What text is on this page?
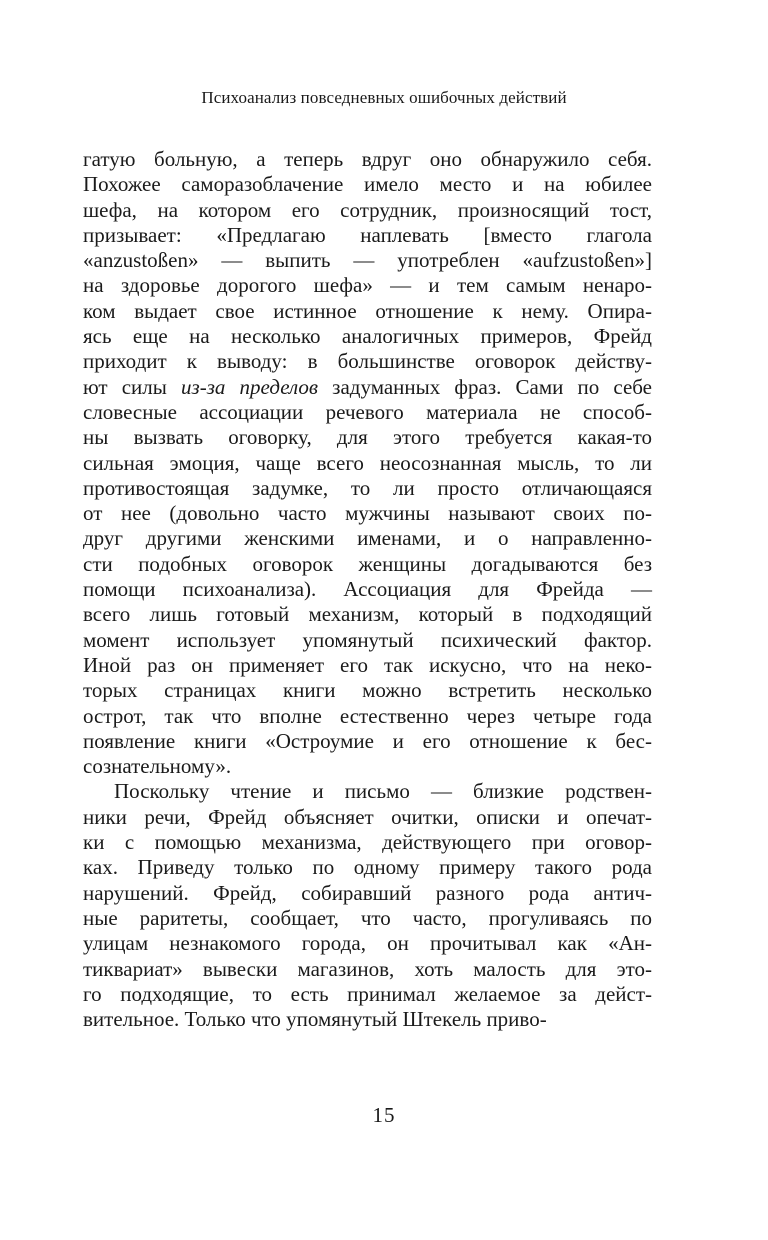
Психоанализ повседневных ошибочных действий
гатую больную, а теперь вдруг оно обнаружило себя.
Похожее саморазоблачение имело место и на юбилее
шефа, на котором его сотрудник, произносящий тост,
призывает: «Предлагаю наплевать [вместо глагола
«anzustoßen» — выпить — употреблен «aufzustoßen»]
на здоровье дорогого шефа» — и тем самым ненаро-
ком выдает свое истинное отношение к нему. Опира-
ясь еще на несколько аналогичных примеров, Фрейд
приходит к выводу: в большинстве оговорок действу-
ют силы из-за пределов задуманных фраз. Сами по себе
словесные ассоциации речевого материала не способ-
ны вызвать оговорку, для этого требуется какая-то
сильная эмоция, чаще всего неосознанная мысль, то ли
противостоящая задумке, то ли просто отличающаяся
от нее (довольно часто мужчины называют своих по-
друг другими женскими именами, и о направленно-
сти подобных оговорок женщины догадываются без
помощи психоанализа). Ассоциация для Фрейда —
всего лишь готовый механизм, который в подходящий
момент использует упомянутый психический фактор.
Иной раз он применяет его так искусно, что на неко-
торых страницах книги можно встретить несколько
острот, так что вполне естественно через четыре года
появление книги «Остроумие и его отношение к бес-
сознательному».
Поскольку чтение и письмо — близкие родствен-
ники речи, Фрейд объясняет очитки, описки и опечат-
ки с помощью механизма, действующего при оговор-
ках. Приведу только по одному примеру такого рода
нарушений. Фрейд, собиравший разного рода антич-
ные раритеты, сообщает, что часто, прогуливаясь по
улицам незнакомого города, он прочитывал как «Ан-
тиквариат» вывески магазинов, хоть малость для это-
го подходящие, то есть принимал желаемое за дейст-
вительное. Только что упомянутый Штекель приво-
15
